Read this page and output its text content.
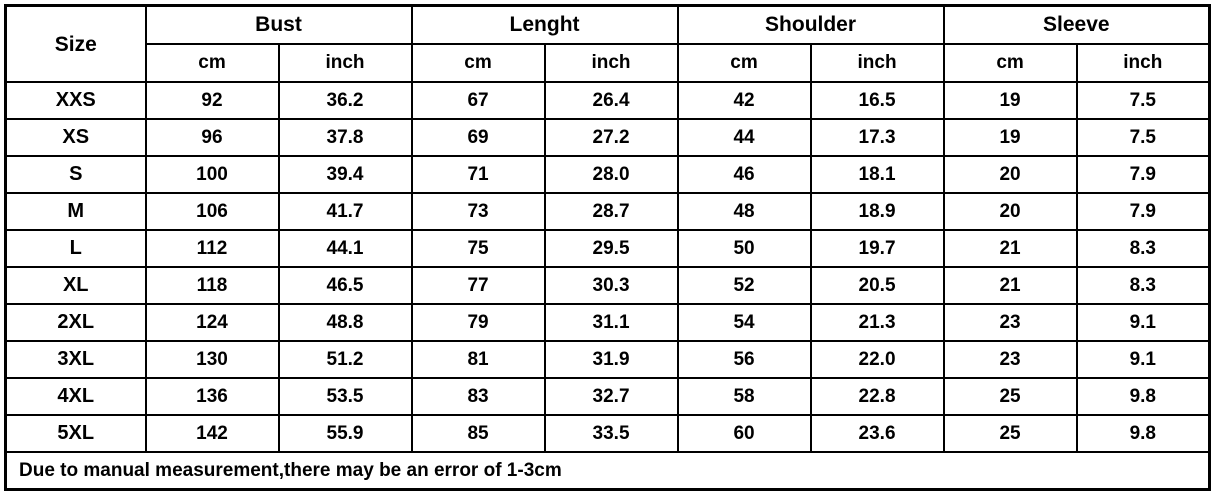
Size	Bust		Lenght		Shoulder		Sleeve	
	cm	inch	cm	inch	cm	inch	cm	inch
XXS	92	36.2	67	26.4	42	16.5	19	7.5
XS	96	37.8	69	27.2	44	17.3	19	7.5
S	100	39.4	71	28.0	46	18.1	20	7.9
M	106	41.7	73	28.7	48	18.9	20	7.9
L	112	44.1	75	29.5	50	19.7	21	8.3
XL	118	46.5	77	30.3	52	20.5	21	8.3
2XL	124	48.8	79	31.1	54	21.3	23	9.1
3XL	130	51.2	81	31.9	56	22.0	23	9.1
4XL	136	53.5	83	32.7	58	22.8	25	9.8
5XL	142	55.9	85	33.5	60	23.6	25	9.8
Due to manual measurement,there may be an error of 1-3cm								
